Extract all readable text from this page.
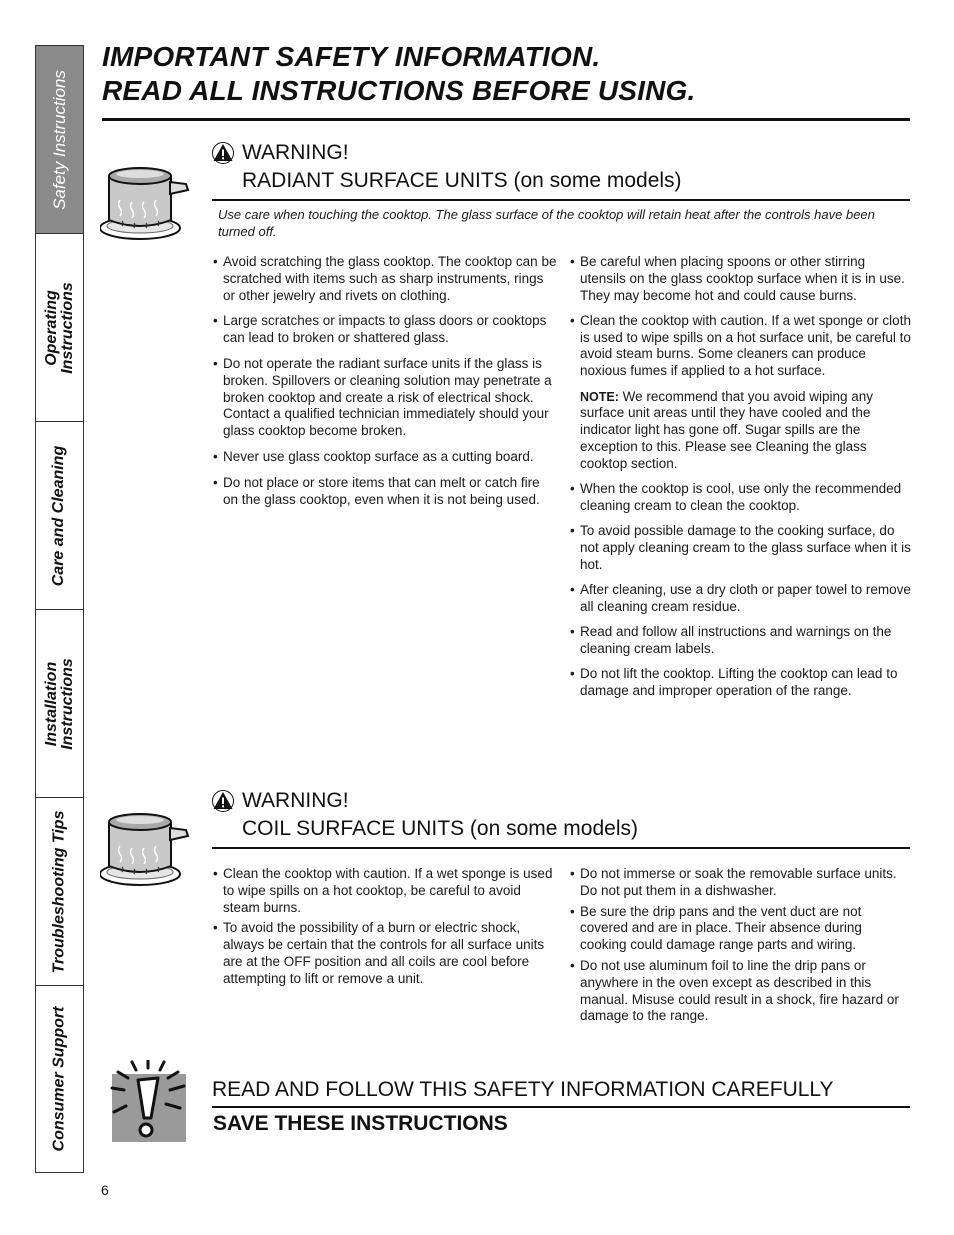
Safety Instructions
Operating
Instructions
Care and Cleaning
Installation
Instructions
Troubleshooting Tips
Consumer Support
IMPORTANT SAFETY INFORMATION.
READ ALL INSTRUCTIONS BEFORE USING.
WARNING!
RADIANT SURFACE UNITS (on some models)
Use care when touching the cooktop. The glass surface of the cooktop will retain heat after the controls have been turned off.
• Avoid scratching the glass cooktop. The cooktop can be scratched with items such as sharp instruments, rings or other jewelry and rivets on clothing.
• Large scratches or impacts to glass doors or cooktops can lead to broken or shattered glass.
• Do not operate the radiant surface units if the glass is broken. Spillovers or cleaning solution may penetrate a broken cooktop and create a risk of electrical shock. Contact a qualified technician immediately should your glass cooktop become broken.
• Never use glass cooktop surface as a cutting board.
• Do not place or store items that can melt or catch fire on the glass cooktop, even when it is not being used.
• Be careful when placing spoons or other stirring utensils on the glass cooktop surface when it is in use. They may become hot and could cause burns.
• Clean the cooktop with caution. If a wet sponge or cloth is used to wipe spills on a hot surface unit, be careful to avoid steam burns. Some cleaners can produce noxious fumes if applied to a hot surface.
NOTE: We recommend that you avoid wiping any surface unit areas until they have cooled and the indicator light has gone off. Sugar spills are the exception to this. Please see Cleaning the glass cooktop section.
• When the cooktop is cool, use only the recommended cleaning cream to clean the cooktop.
• To avoid possible damage to the cooking surface, do not apply cleaning cream to the glass surface when it is hot.
• After cleaning, use a dry cloth or paper towel to remove all cleaning cream residue.
• Read and follow all instructions and warnings on the cleaning cream labels.
• Do not lift the cooktop. Lifting the cooktop can lead to damage and improper operation of the range.
WARNING!
COIL SURFACE UNITS (on some models)
• Clean the cooktop with caution. If a wet sponge is used to wipe spills on a hot cooktop, be careful to avoid steam burns.
• To avoid the possibility of a burn or electric shock, always be certain that the controls for all surface units are at the OFF position and all coils are cool before attempting to lift or remove a unit.
• Do not immerse or soak the removable surface units. Do not put them in a dishwasher.
• Be sure the drip pans and the vent duct are not covered and are in place. Their absence during cooking could damage range parts and wiring.
• Do not use aluminum foil to line the drip pans or anywhere in the oven except as described in this manual. Misuse could result in a shock, fire hazard or damage to the range.
READ AND FOLLOW THIS SAFETY INFORMATION CAREFULLY
SAVE THESE INSTRUCTIONS
6
